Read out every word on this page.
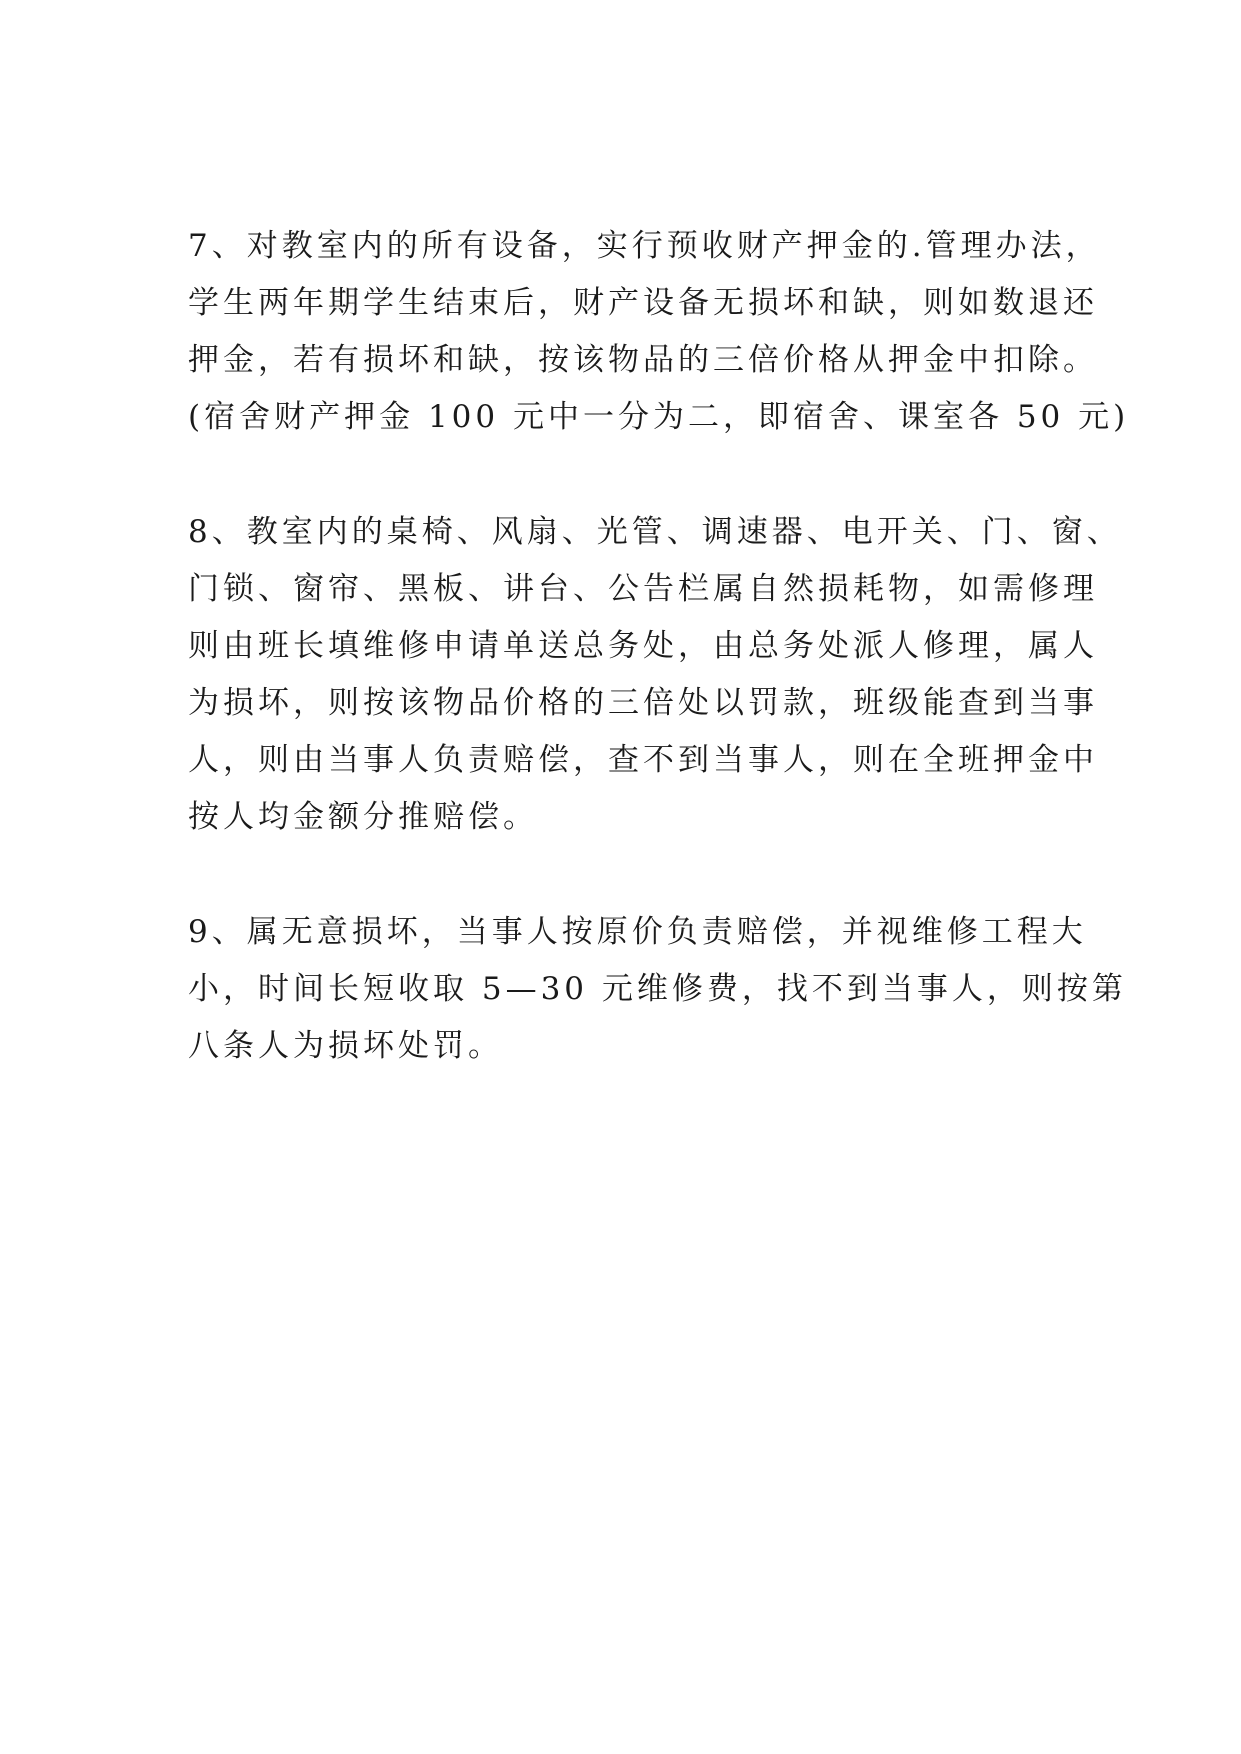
7、对教室内的所有设备，实行预收财产押金的.管理办法，
学生两年期学生结束后，财产设备无损坏和缺，则如数退还
押金，若有损坏和缺，按该物品的三倍价格从押金中扣除。
(宿舍财产押金 100 元中一分为二，即宿舍、课室各 50 元)

8、教室内的桌椅、风扇、光管、调速器、电开关、门、窗、
门锁、窗帘、黑板、讲台、公告栏属自然损耗物，如需修理
则由班长填维修申请单送总务处，由总务处派人修理，属人
为损坏，则按该物品价格的三倍处以罚款，班级能查到当事
人，则由当事人负责赔偿，查不到当事人，则在全班押金中
按人均金额分推赔偿。

9、属无意损坏，当事人按原价负责赔偿，并视维修工程大
小，时间长短收取 5—30 元维修费，找不到当事人，则按第
八条人为损坏处罚。
